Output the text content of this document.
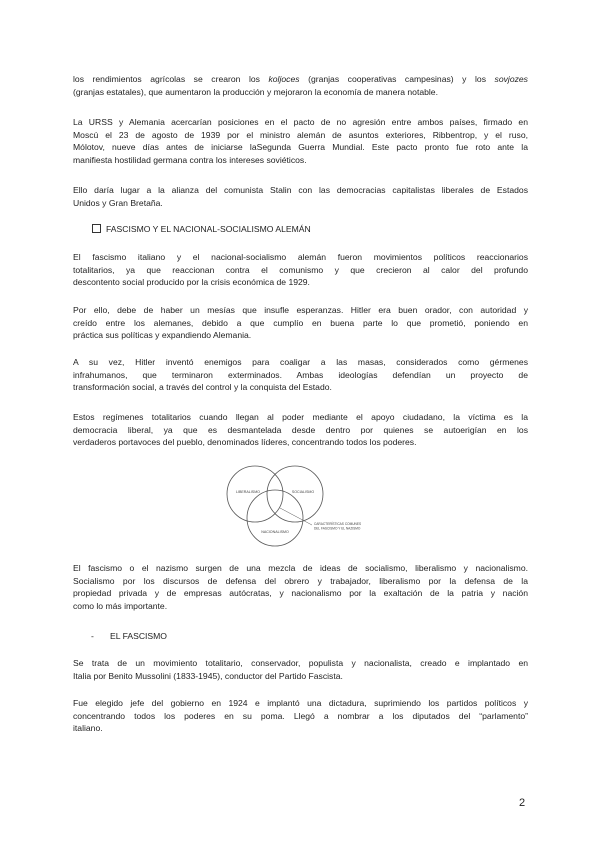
los rendimientos agrícolas se crearon los koljoces (granjas cooperativas campesinas) y los sovjozes
(granjas estatales), que aumentaron la producción y mejoraron la economía de manera notable.
La URSS y Alemania acercarían posiciones en el pacto de no agresión entre ambos países, firmado en
Moscú el 23 de agosto de 1939 por el ministro alemán de asuntos exteriores, Ribbentrop, y el ruso,
Mólotov, nueve días antes de iniciarse laSegunda Guerra Mundial. Este pacto pronto fue roto ante la
manifiesta hostilidad germana contra los intereses soviéticos.
Ello daría lugar a la alianza del comunista Stalin con las democracias capitalistas liberales de Estados
Unidos y Gran Bretaña.
FASCISMO Y EL NACIONAL-SOCIALISMO ALEMÁN
El fascismo italiano y el nacional-socialismo alemán fueron movimientos políticos reaccionarios
totalitarios, ya que reaccionan contra el comunismo y que crecieron al calor del profundo
descontento social producido por la crisis económica de 1929.
Por ello, debe de haber un mesías que insufle esperanzas. Hitler era buen orador, con autoridad y
creído entre los alemanes, debido a que cumplío en buena parte lo que prometió, poniendo en
práctica sus políticas y expandiendo Alemania.
A su vez, Hitler inventó enemigos para coaligar a las masas, considerados como gérmenes
infrahumanos, que terminaron exterminados. Ambas ideologías defendían un proyecto de
transformación social, a través del control y la conquista del Estado.
Estos regímenes totalitarios cuando llegan al poder mediante el apoyo ciudadano, la víctima es la
democracia liberal, ya que es desmantelada desde dentro por quienes se autoerigían en los
verdaderos portavoces del pueblo, denominados líderes, concentrando todos los poderes.
LIBERALISMO	SOCIALISMO
NACIONALISMO
CARACTERÍSTICAS COMUNES
DEL FASCISMO Y EL NAZISMO
El fascismo o el nazismo surgen de una mezcla de ideas de socialismo, liberalismo y nacionalismo.
Socialismo por los discursos de defensa del obrero y trabajador, liberalismo por la defensa de la
propiedad privada y de empresas autócratas, y nacionalismo por la exaltación de la patria y nación
como lo más importante.
- EL FASCISMO
Se trata de un movimiento totalitario, conservador, populista y nacionalista, creado e implantado en
Italia por Benito Mussolini (1833-1945), conductor del Partido Fascista.
Fue elegido jefe del gobierno en 1924 e implantó una dictadura, suprimiendo los partidos políticos y
concentrando todos los poderes en su poma. Llegó a nombrar a los diputados del “parlamento”
italiano.
2
